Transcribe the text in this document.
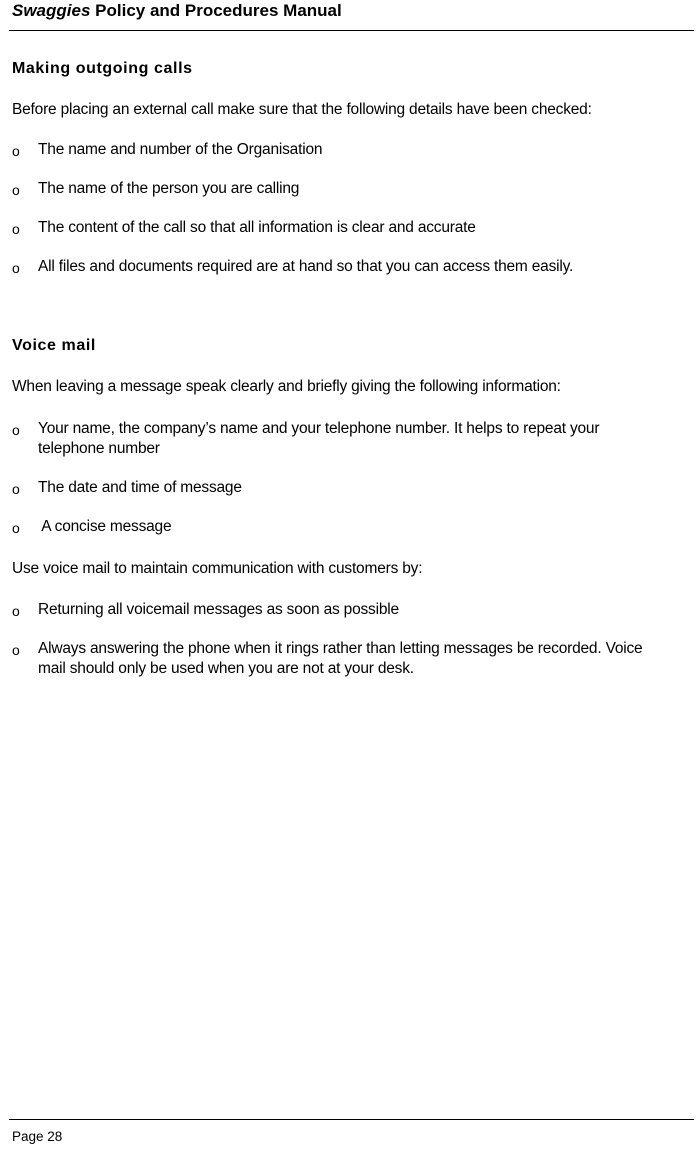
Swaggies Policy and Procedures Manual
Making outgoing calls

Before placing an external call make sure that the following details have been checked:

o	The name and number of the Organisation
o	The name of the person you are calling
o	The content of the call so that all information is clear and accurate
o	All files and documents required are at hand so that you can access them easily.
Voice mail

When leaving a message speak clearly and briefly giving the following information:

o	Your name, the company’s name and your telephone number. It helps to repeat your telephone number
o	The date and time of message
o	A concise message

Use voice mail to maintain communication with customers by:

o	Returning all voicemail messages as soon as possible
o	Always answering the phone when it rings rather than letting messages be recorded. Voice mail should only be used when you are not at your desk.
Page 28
